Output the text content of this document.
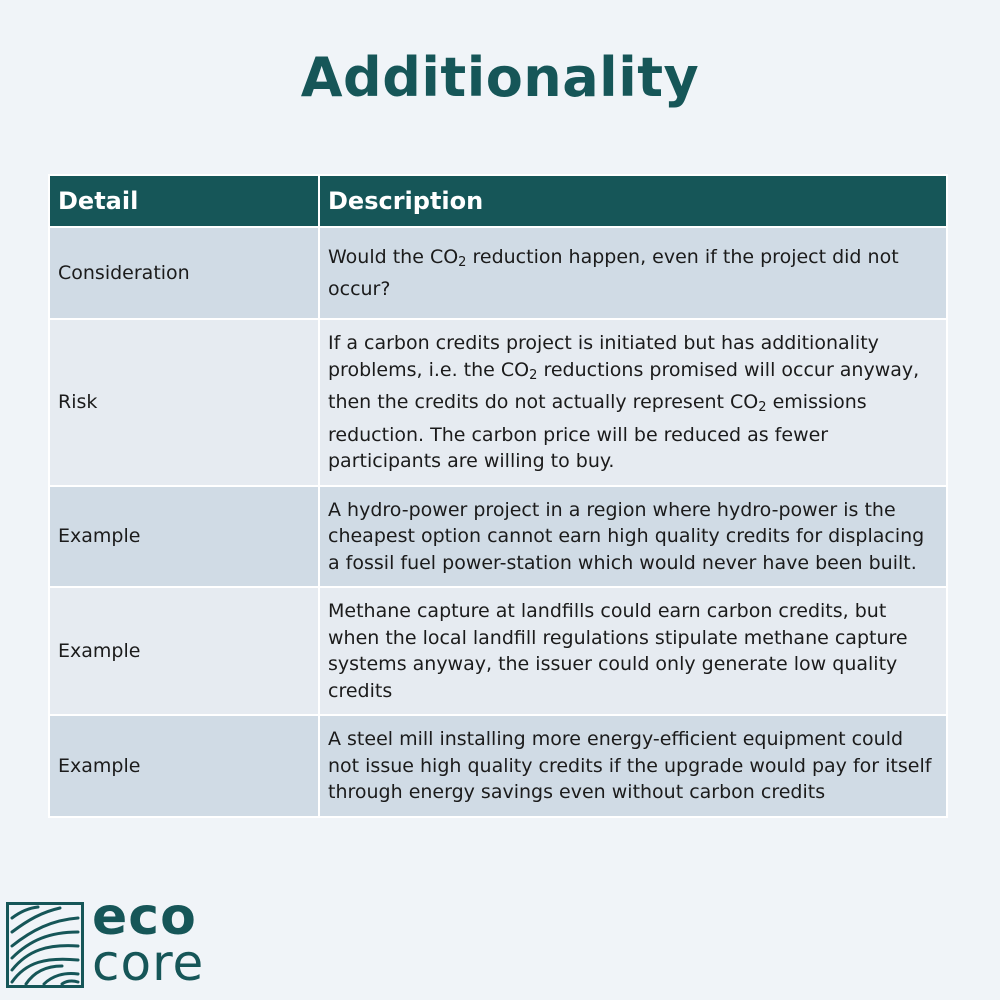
Additionality
Detail	Description
Consideration	Would the $CO_2$ reduction happen, even if the project did not occur?
Risk	If a carbon credits project is initiated but has additionality problems, i.e. the $CO_2$ reductions promised will occur anyway, then the credits do not actually represent $CO_2$ emissions reduction. The carbon price will be reduced as fewer participants are willing to buy.
Example	A hydro-power project in a region where hydro-power is the cheapest option cannot earn high quality credits for displacing a fossil fuel power-station which would never have been built.
Example	Methane capture at landfills could earn carbon credits, but when the local landfill regulations stipulate methane capture systems anyway, the issuer could only generate low quality credits
Example	A steel mill installing more energy-efficient equipment could not issue high quality credits if the upgrade would pay for itself through energy savings even without carbon credits
eco
core
